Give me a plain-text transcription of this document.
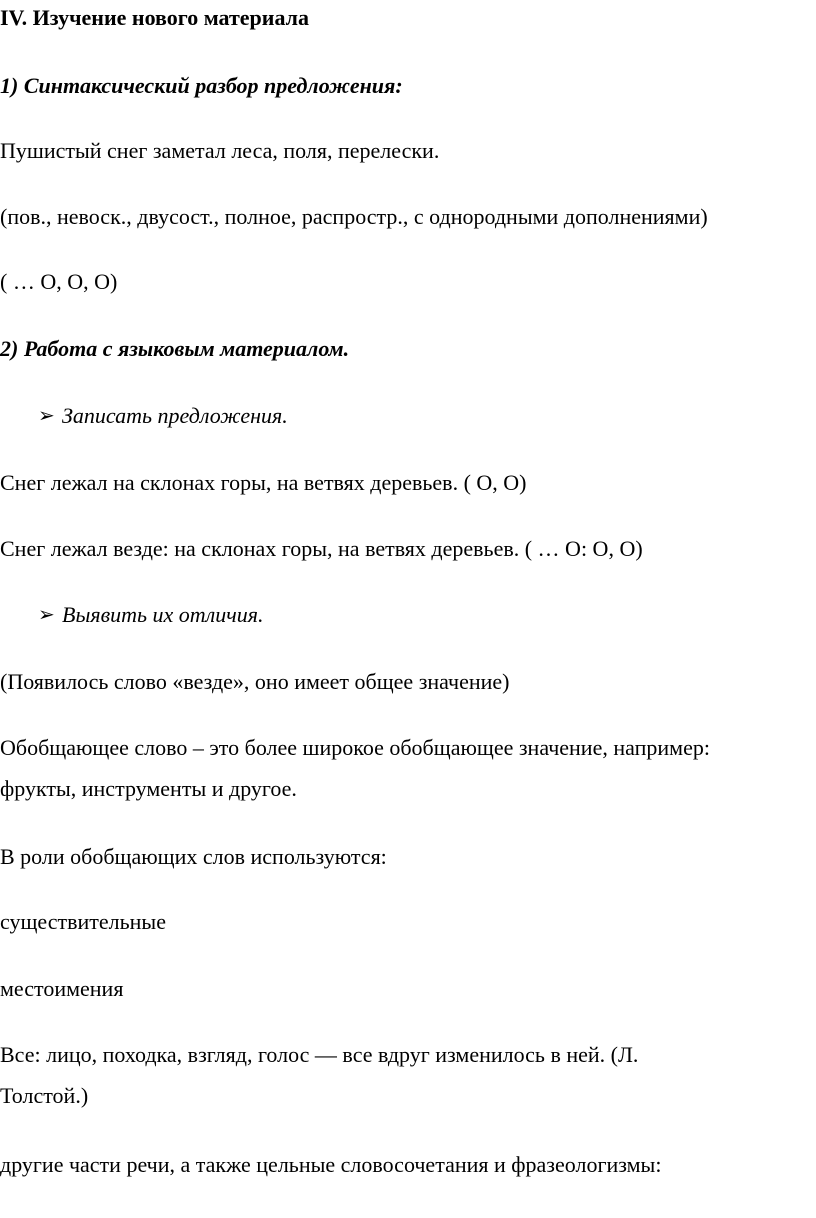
IV. Изучение нового материала
1) Синтаксический разбор предложения:
Пушистый снег заметал леса, поля, перелески.
(пов., невоск., двусост., полное, распростр., с однородными дополнениями)
( … О, О, О)
2) Работа с языковым материалом.
➢ Записать предложения.
Снег лежал на склонах горы, на ветвях деревьев. ( О, О)
Снег лежал везде: на склонах горы, на ветвях деревьев. ( … О: О, О)
➢ Выявить их отличия.
(Появилось слово «везде», оно имеет общее значение)
Обобщающее слово – это более широкое обобщающее значение, например:
фрукты, инструменты и другое.
В роли обобщающих слов используются:
существительные
местоимения
Все: лицо, походка, взгляд, голос — все вдруг изменилось в ней. (Л.
Толстой.)
другие части речи, а также цельные словосочетания и фразеологизмы:
